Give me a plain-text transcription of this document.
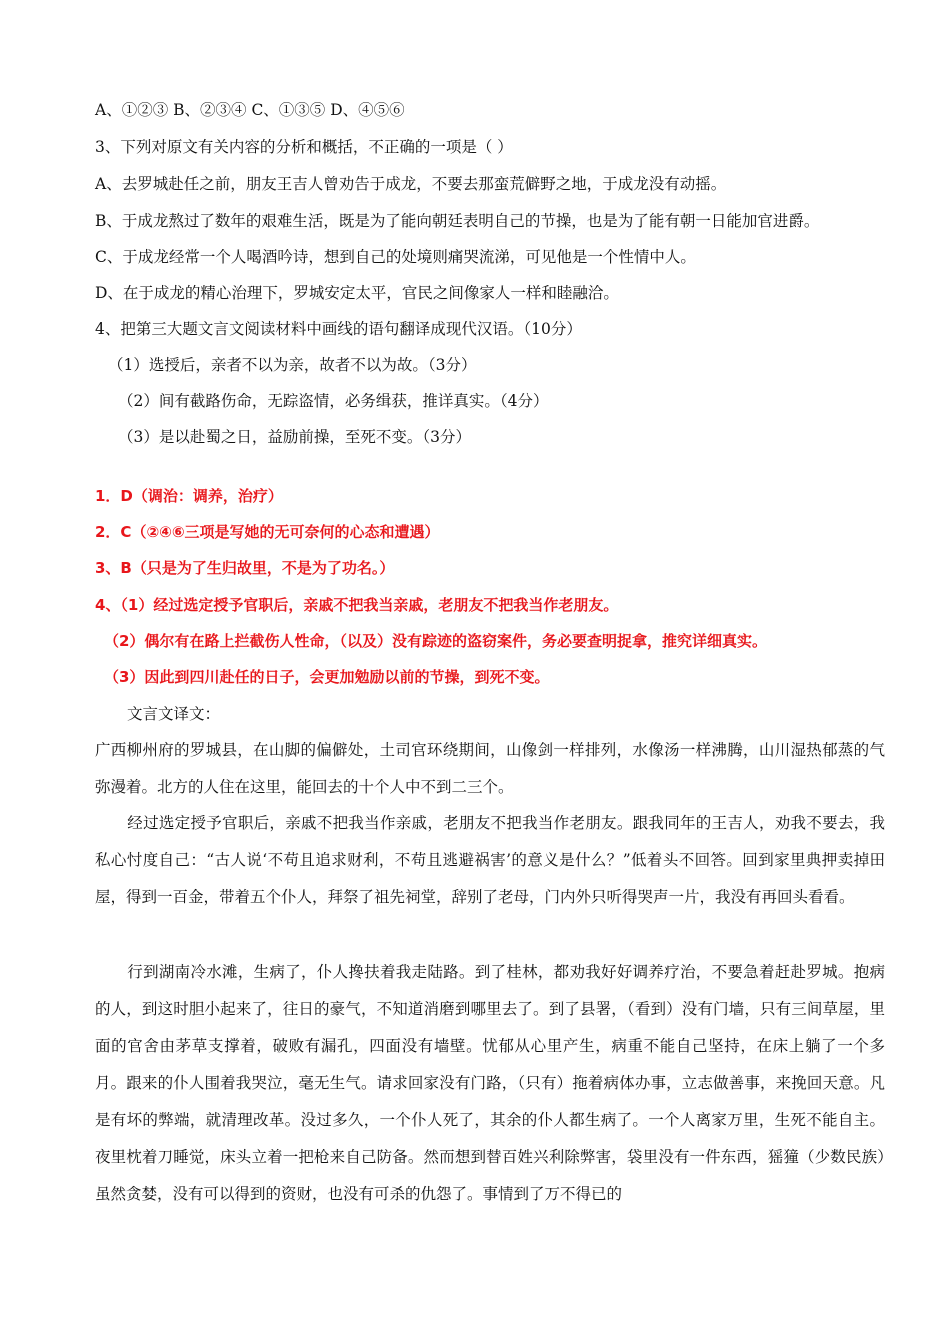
A、①②③ B、②③④ C、①③⑤ D、④⑤⑥
3、下列对原文有关内容的分析和概括，不正确的一项是（ ）
A、去罗城赴任之前，朋友王吉人曾劝告于成龙，不要去那蛮荒僻野之地，于成龙没有动摇。
B、于成龙熬过了数年的艰难生活，既是为了能向朝廷表明自己的节操，也是为了能有朝一日能加官进爵。
C、于成龙经常一个人喝酒吟诗，想到自己的处境则痛哭流涕，可见他是一个性情中人。
D、在于成龙的精心治理下，罗城安定太平，官民之间像家人一样和睦融洽。
4、把第三大题文言文阅读材料中画线的语句翻译成现代汉语。（10分）
（1）选授后，亲者不以为亲，故者不以为故。（3分）
（2）间有截路伤命，无踪盗情，必务缉获，推详真实。（4分）
（3）是以赴蜀之日，益励前操，至死不变。（3分）
1．D（调治：调养，治疗）
2．C（②④⑥三项是写她的无可奈何的心态和遭遇）
3、B（只是为了生归故里，不是为了功名。）
4、（1）经过选定授予官职后，亲戚不把我当亲戚，老朋友不把我当作老朋友。
（2）偶尔有在路上拦截伤人性命，（以及）没有踪迹的盗窃案件，务必要查明捉拿，推究详细真实。
（3）因此到四川赴任的日子，会更加勉励以前的节操，到死不变。
文言文译文：
广西柳州府的罗城县，在山脚的偏僻处，土司官环绕期间，山像剑一样排列，水像汤一样沸腾，山川湿热郁蒸的气弥漫着。北方的人住在这里，能回去的十个人中不到二三个。
经过选定授予官职后，亲戚不把我当作亲戚，老朋友不把我当作老朋友。跟我同年的王吉人，劝我不要去，我私心忖度自己：“古人说‘不苟且追求财利，不苟且逃避祸害’的意义是什么？”低着头不回答。回到家里典押卖掉田屋，得到一百金，带着五个仆人，拜祭了祖先祠堂，辞别了老母，门内外只听得哭声一片，我没有再回头看看。
行到湖南冷水滩，生病了，仆人搀扶着我走陆路。到了桂林，都劝我好好调养疗治，不要急着赶赴罗城。抱病的人，到这时胆小起来了，往日的豪气，不知道消磨到哪里去了。到了县署，（看到）没有门墙，只有三间草屋，里面的官舍由茅草支撑着，破败有漏孔，四面没有墙壁。忧郁从心里产生，病重不能自己坚持，在床上躺了一个多月。跟来的仆人围着我哭泣，毫无生气。请求回家没有门路，（只有）拖着病体办事，立志做善事，来挽回天意。凡是有坏的弊端，就清理改革。没过多久，一个仆人死了，其余的仆人都生病了。一个人离家万里，生死不能自主。夜里枕着刀睡觉，床头立着一把枪来自己防备。然而想到替百姓兴利除弊害，袋里没有一件东西，猺獞（少数民族）虽然贪婪，没有可以得到的资财，也没有可杀的仇怨了。事情到了万不得已的
